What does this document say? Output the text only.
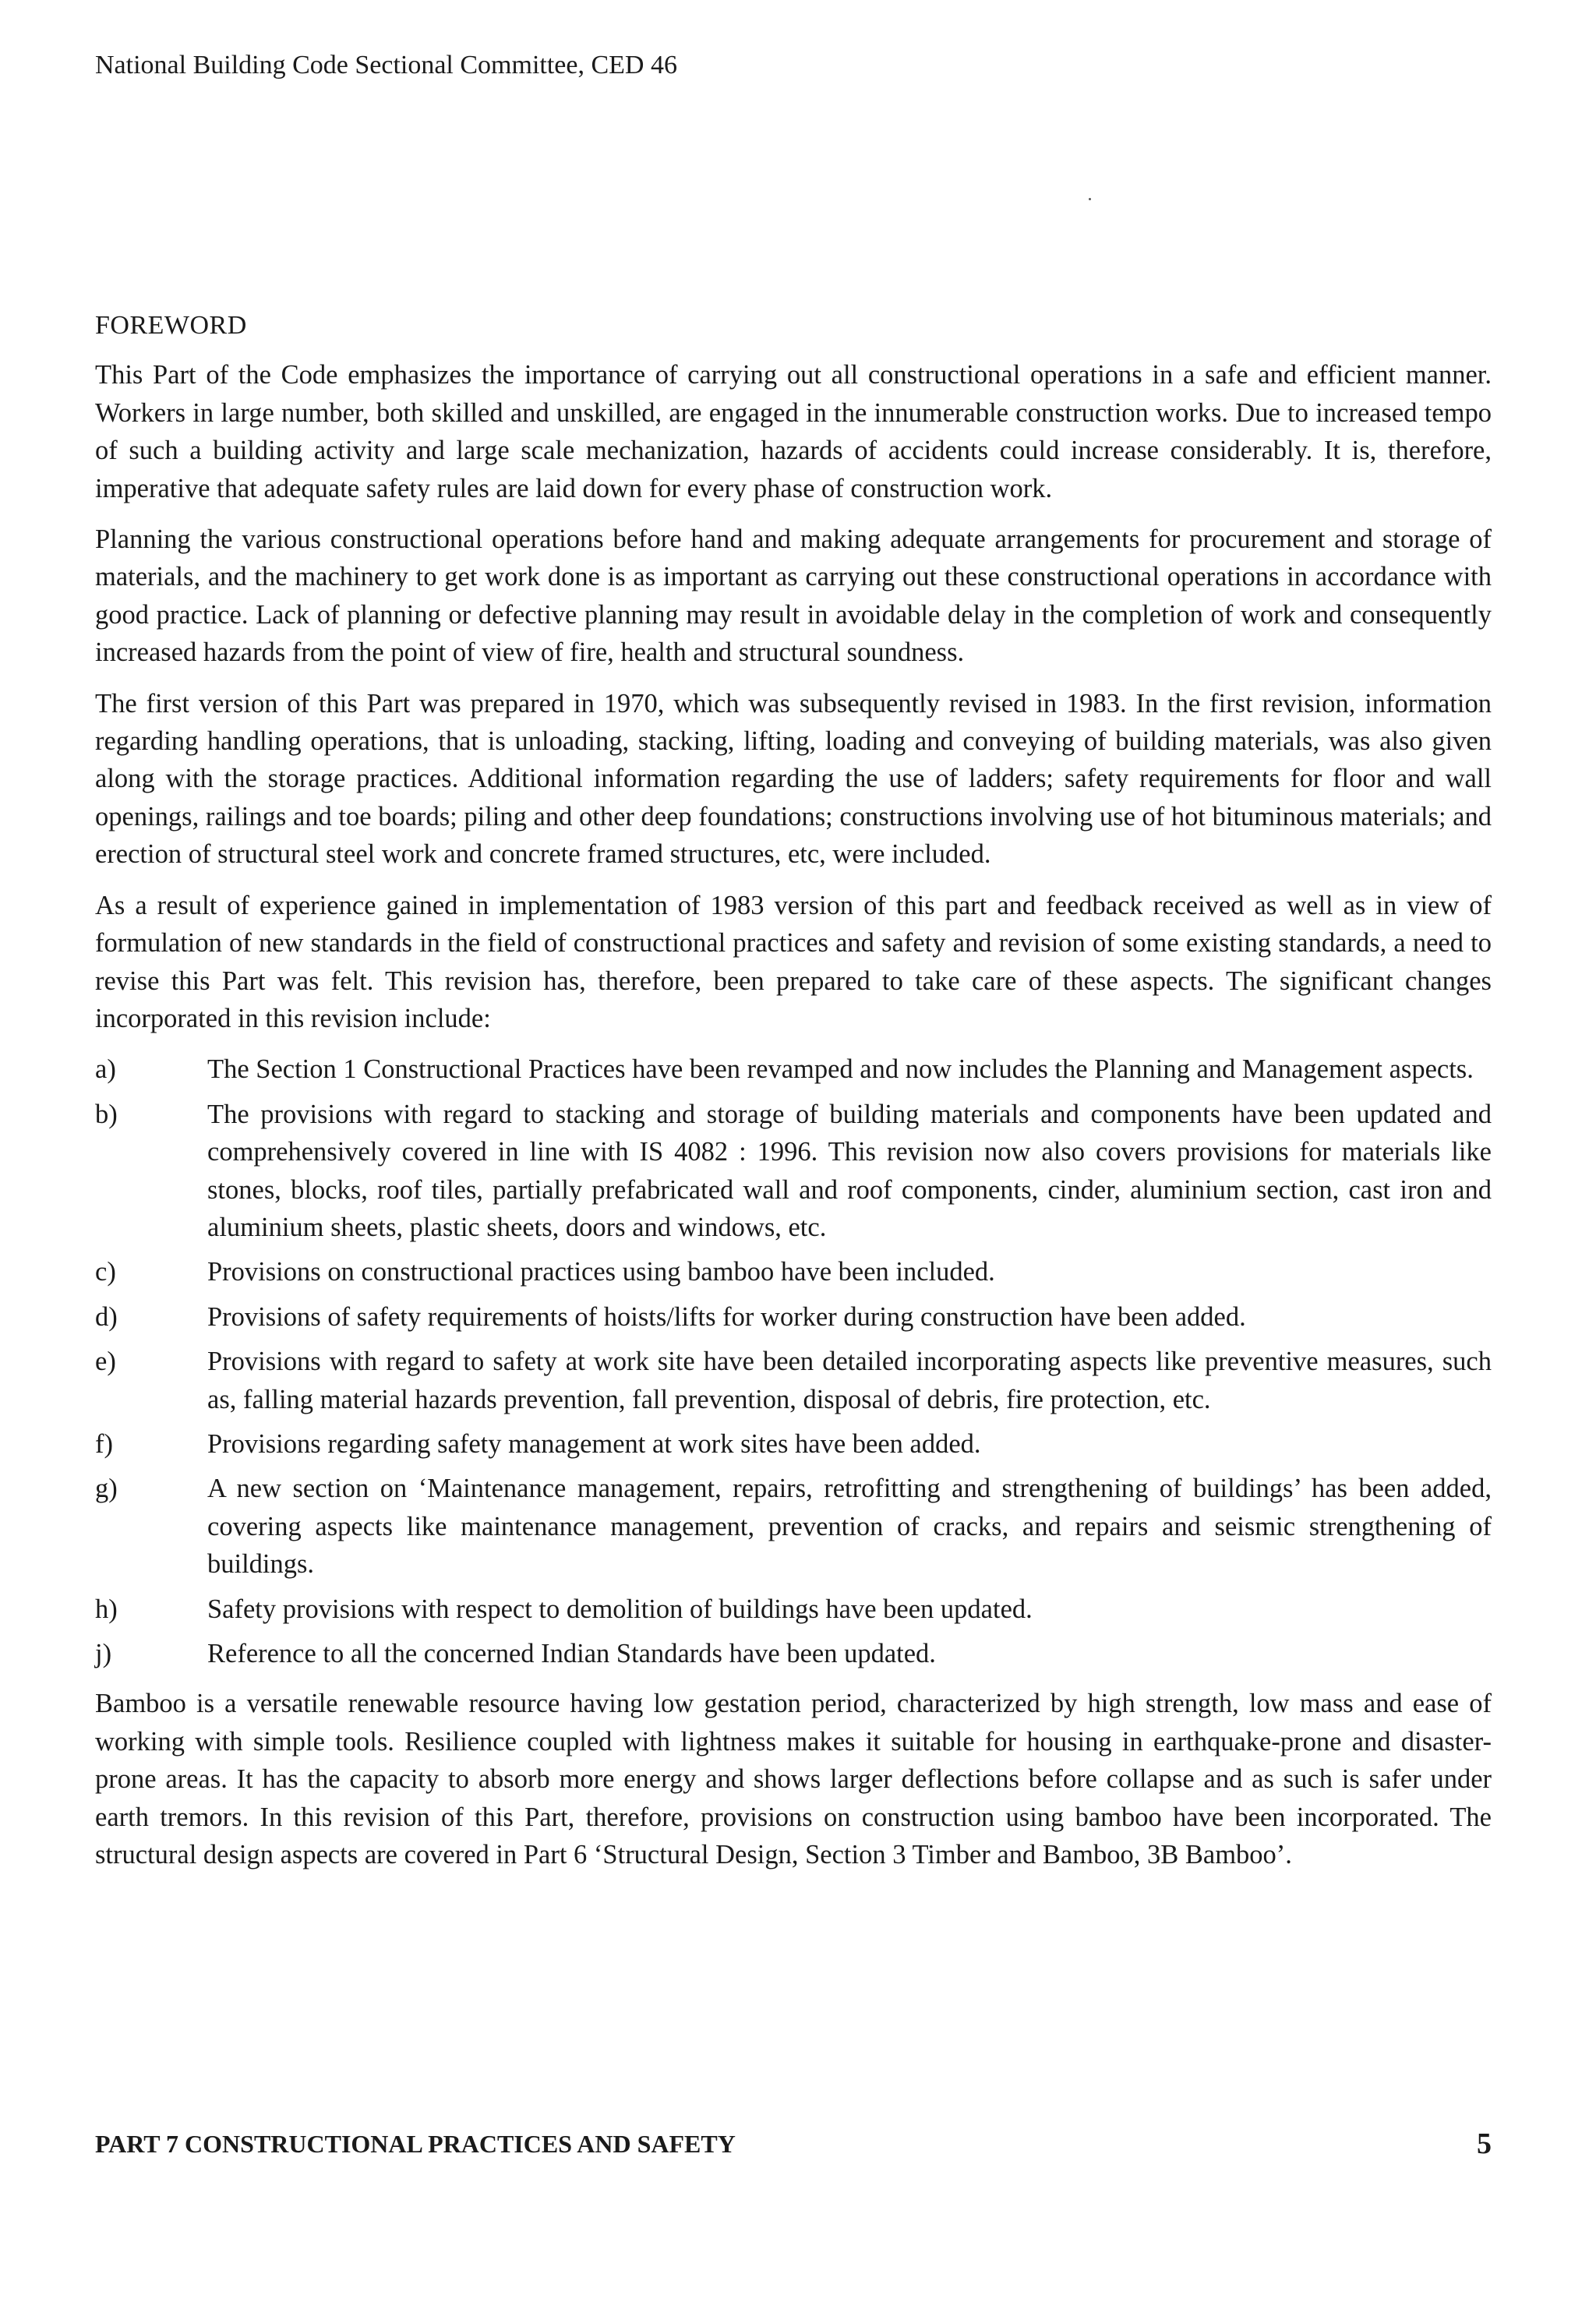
National Building Code Sectional Committee, CED 46
FOREWORD

This Part of the Code emphasizes the importance of carrying out all constructional operations in a safe and efficient manner. Workers in large number, both skilled and unskilled, are engaged in the innumerable construction works. Due to increased tempo of such a building activity and large scale mechanization, hazards of accidents could increase considerably. It is, therefore, imperative that adequate safety rules are laid down for every phase of construction work.

Planning the various constructional operations before hand and making adequate arrangements for procurement and storage of materials, and the machinery to get work done is as important as carrying out these constructional operations in accordance with good practice. Lack of planning or defective planning may result in avoidable delay in the completion of work and consequently increased hazards from the point of view of fire, health and structural soundness.

The first version of this Part was prepared in 1970, which was subsequently revised in 1983. In the first revision, information regarding handling operations, that is unloading, stacking, lifting, loading and conveying of building materials, was also given along with the storage practices. Additional information regarding the use of ladders; safety requirements for floor and wall openings, railings and toe boards; piling and other deep foundations; constructions involving use of hot bituminous materials; and erection of structural steel work and concrete framed structures, etc, were included.

As a result of experience gained in implementation of 1983 version of this part and feedback received as well as in view of formulation of new standards in the field of constructional practices and safety and revision of some existing standards, a need to revise this Part was felt. This revision has, therefore, been prepared to take care of these aspects. The significant changes incorporated in this revision include:

a)	The Section 1 Constructional Practices have been revamped and now includes the Planning and Management aspects.
b)	The provisions with regard to stacking and storage of building materials and components have been updated and comprehensively covered in line with IS 4082 : 1996. This revision now also covers provisions for materials like stones, blocks, roof tiles, partially prefabricated wall and roof components, cinder, aluminium section, cast iron and aluminium sheets, plastic sheets, doors and windows, etc.
c)	Provisions on constructional practices using bamboo have been included.
d)	Provisions of safety requirements of hoists/lifts for worker during construction have been added.
e)	Provisions with regard to safety at work site have been detailed incorporating aspects like preventive measures, such as, falling material hazards prevention, fall prevention, disposal of debris, fire protection, etc.
f)	Provisions regarding safety management at work sites have been added.
g)	A new section on ‘Maintenance management, repairs, retrofitting and strengthening of buildings’ has been added, covering aspects like maintenance management, prevention of cracks, and repairs and seismic strengthening of buildings.
h)	Safety provisions with respect to demolition of buildings have been updated.
j)	Reference to all the concerned Indian Standards have been updated.

Bamboo is a versatile renewable resource having low gestation period, characterized by high strength, low mass and ease of working with simple tools. Resilience coupled with lightness makes it suitable for housing in earthquake-prone and disaster-prone areas. It has the capacity to absorb more energy and shows larger deflections before collapse and as such is safer under earth tremors. In this revision of this Part, therefore, provisions on construction using bamboo have been incorporated. The structural design aspects are covered in Part 6 ‘Structural Design, Section 3 Timber and Bamboo, 3B Bamboo’.

PART 7 CONSTRUCTIONAL PRACTICES AND SAFETY	5
